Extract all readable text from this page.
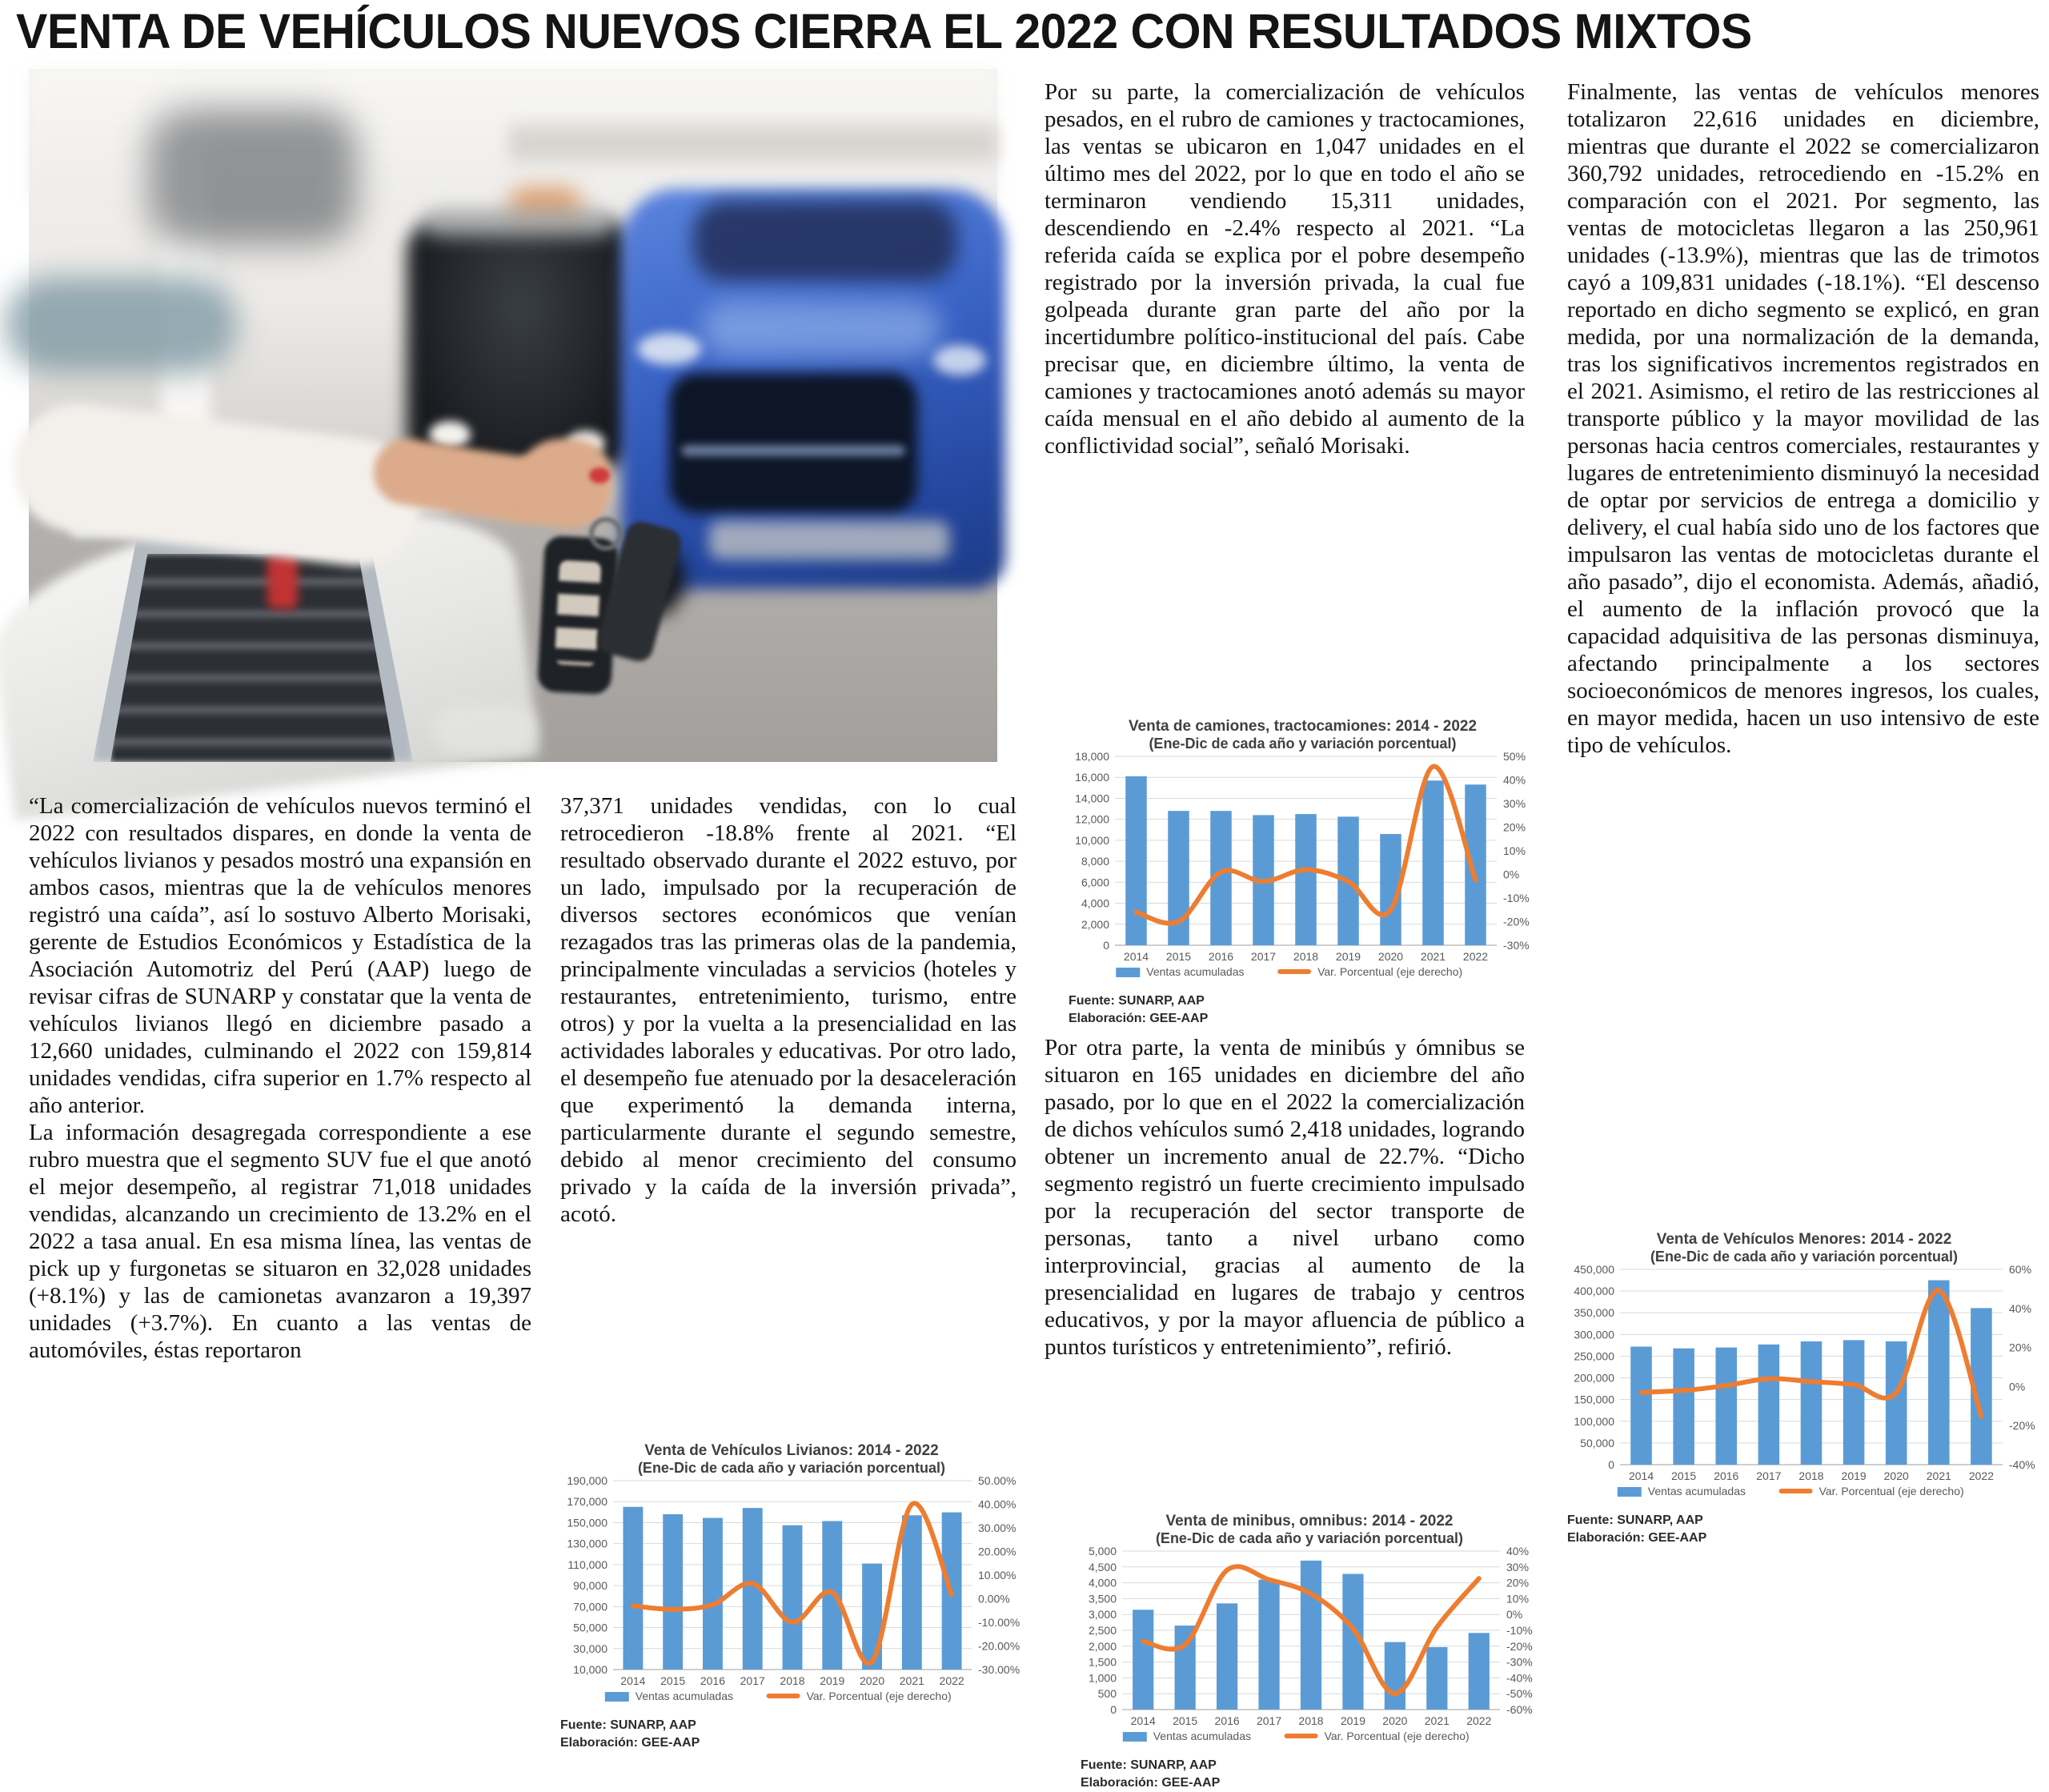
VENTA DE VEHÍCULOS NUEVOS CIERRA EL 2022 CON RESULTADOS MIXTOS

“La comercialización de vehículos nuevos terminó el 2022 con resultados dispares, en donde la venta de vehículos livianos y pesados mostró una expansión en ambos casos, mientras que la de vehículos menores registró una caída”, así lo sostuvo Alberto Morisaki, gerente de Estudios Económicos y Estadística de la Asociación Automotriz del Perú (AAP) luego de revisar cifras de SUNARP y constatar que la venta de vehículos livianos llegó en diciembre pasado a 12,660 unidades, culminando el 2022 con 159,814 unidades vendidas, cifra superior en 1.7% respecto al año anterior.

La información desagregada correspondiente a ese rubro muestra que el segmento SUV fue el que anotó el mejor desempeño, al registrar 71,018 unidades vendidas, alcanzando un crecimiento de 13.2% en el 2022 a tasa anual. En esa misma línea, las ventas de pick up y furgonetas se situaron en 32,028 unidades (+8.1%) y las de camionetas avanzaron a 19,397 unidades (+3.7%). En cuanto a las ventas de automóviles, éstas reportaron

37,371 unidades vendidas, con lo cual retrocedieron -18.8% frente al 2021. “El resultado observado durante el 2022 estuvo, por un lado, impulsado por la recuperación de diversos sectores económicos que venían rezagados tras las primeras olas de la pandemia, principalmente vinculadas a servicios (hoteles y restaurantes, entretenimiento, turismo, entre otros) y por la vuelta a la presencialidad en las actividades laborales y educativas. Por otro lado, el desempeño fue atenuado por la desaceleración que experimentó la demanda interna, particularmente durante el segundo semestre, debido al menor crecimiento del consumo privado y la caída de la inversión privada”, acotó.

Por su parte, la comercialización de vehículos pesados, en el rubro de camiones y tractocamiones, las ventas se ubicaron en 1,047 unidades en el último mes del 2022, por lo que en todo el año se terminaron vendiendo 15,311 unidades, descendiendo en -2.4% respecto al 2021. “La referida caída se explica por el pobre desempeño registrado por la inversión privada, la cual fue golpeada durante gran parte del año por la incertidumbre político-institucional del país. Cabe precisar que, en diciembre último, la venta de camiones y tractocamiones anotó además su mayor caída mensual en el año debido al aumento de la conflictividad social”, señaló Morisaki.

Por otra parte, la venta de minibús y ómnibus se situaron en 165 unidades en diciembre del año pasado, por lo que en el 2022 la comercialización de dichos vehículos sumó 2,418 unidades, logrando obtener un incremento anual de 22.7%. “Dicho segmento registró un fuerte crecimiento impulsado por la recuperación del sector transporte de personas, tanto a nivel urbano como interprovincial, gracias al aumento de la presencialidad en lugares de trabajo y centros educativos, y por la mayor afluencia de público a puntos turísticos y entretenimiento”, refirió.

Finalmente, las ventas de vehículos menores totalizaron 22,616 unidades en diciembre, mientras que durante el 2022 se comercializaron 360,792 unidades, retrocediendo en -15.2% en comparación con el 2021. Por segmento, las ventas de motocicletas llegaron a las 250,961 unidades (-13.9%), mientras que las de trimotos cayó a 109,831 unidades (-18.1%). “El descenso reportado en dicho segmento se explicó, en gran medida, por una normalización de la demanda, tras los significativos incrementos registrados en el 2021. Asimismo, el retiro de las restricciones al transporte público y la mayor movilidad de las personas hacia centros comerciales, restaurantes y lugares de entretenimiento disminuyó la necesidad de optar por servicios de entrega a domicilio y delivery, el cual había sido uno de los factores que impulsaron las ventas de motocicletas durante el año pasado”, dijo el economista. Además, añadió, el aumento de la inflación provocó que la capacidad adquisitiva de las personas disminuya, afectando principalmente a los sectores socioeconómicos de menores ingresos, los cuales, en mayor medida, hacen un uso intensivo de este tipo de vehículos.

Venta de camiones, tractocamiones: 2014 - 2022
(Ene-Dic de cada año y variación porcentual)
18,000
16,000
14,000
12,000
10,000
8,000
6,000
4,000
2,000
0
50%
40%
30%
20%
10%
0%
-10%
-20%
-30%
2014 2015 2016 2017 2018 2019 2020 2021 2022
Ventas acumuladas	Var. Porcentual (eje derecho)
Fuente: SUNARP, AAP
Elaboración: GEE-AAP
Venta de Vehículos Livianos: 2014 - 2022
(Ene-Dic de cada año y variación porcentual)
190,000
170,000
150,000
130,000
110,000
90,000
70,000
50,000
30,000
10,000
50.00%
40.00%
30.00%
20.00%
10.00%
0.00%
-10.00%
-20.00%
-30.00%
2014 2015 2016 2017 2018 2019 2020 2021 2022
Ventas acumuladas	Var. Porcentual (eje derecho)
Fuente: SUNARP, AAP
Elaboración: GEE-AAP
Venta de minibus, omnibus: 2014 - 2022
(Ene-Dic de cada año y variación porcentual)
5,000
4,500
4,000
3,500
3,000
2,500
2,000
1,500
1,000
500
0
40%
30%
20%
10%
0%
-10%
-20%
-30%
-40%
-50%
-60%
2014 2015 2016 2017 2018 2019 2020 2021 2022
Ventas acumuladas	Var. Porcentual (eje derecho)
Fuente: SUNARP, AAP
Elaboración: GEE-AAP
Venta de Vehículos Menores: 2014 - 2022
(Ene-Dic de cada año y variación porcentual)
450,000
400,000
350,000
300,000
250,000
200,000
150,000
100,000
50,000
0
60%
40%
20%
0%
-20%
-40%
2014 2015 2016 2017 2018 2019 2020 2021 2022
Ventas acumuladas	Var. Porcentual (eje derecho)
Fuente: SUNARP, AAP
Elaboración: GEE-AAP
